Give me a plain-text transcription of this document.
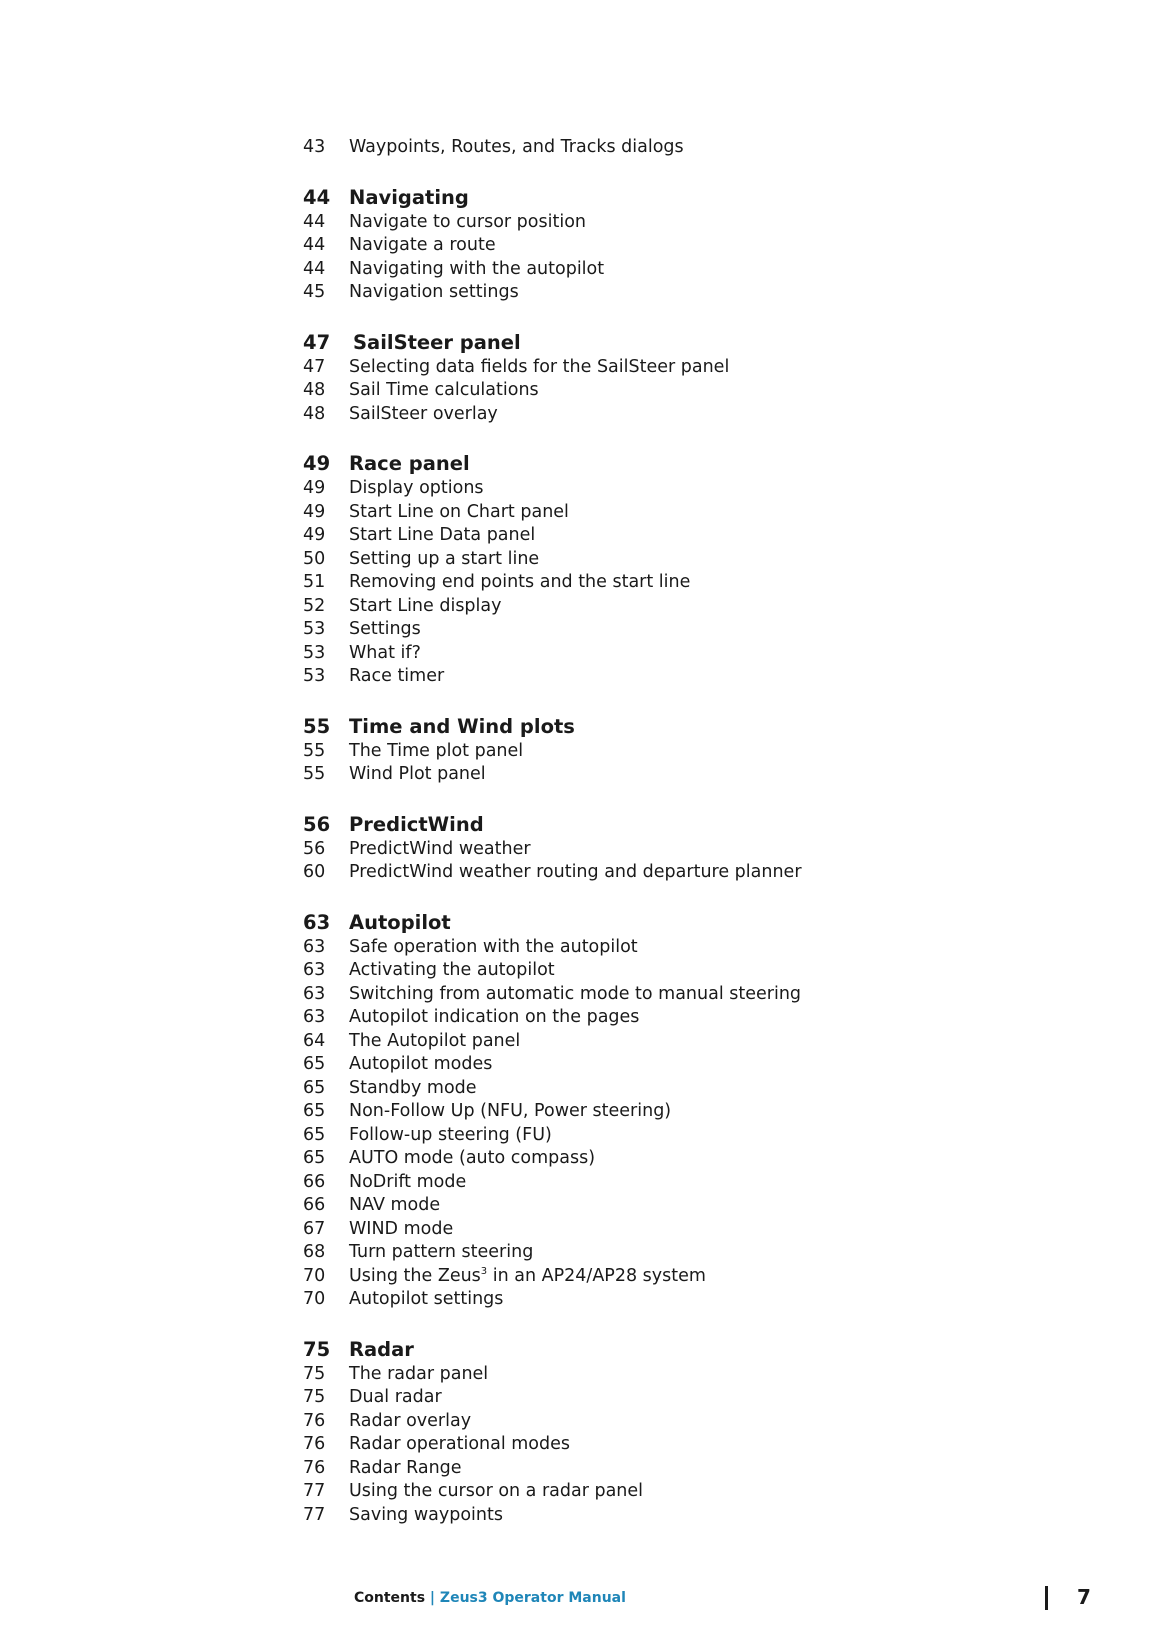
43	Waypoints, Routes, and Tracks dialogs
44 Navigating
44	Navigate to cursor position
44	Navigate a route
44	Navigating with the autopilot
45	Navigation settings
47	SailSteer panel
47	Selecting data fields for the SailSteer panel
48	Sail Time calculations
48	SailSteer overlay
49 Race panel
49	Display options
49	Start Line on Chart panel
49	Start Line Data panel
50	Setting up a start line
51	Removing end points and the start line
52	Start Line display
53	Settings
53	What if?
53	Race timer
55 Time and Wind plots
55	The Time plot panel
55	Wind Plot panel
56 PredictWind
56	PredictWind weather
60	PredictWind weather routing and departure planner
63 Autopilot
63	Safe operation with the autopilot
63	Activating the autopilot
63	Switching from automatic mode to manual steering
63	Autopilot indication on the pages
64	The Autopilot panel
65	Autopilot modes
65	Standby mode
65	Non-Follow Up (NFU, Power steering)
65	Follow-up steering (FU)
65	AUTO mode (auto compass)
66	NoDrift mode
66	NAV mode
67	WIND mode
68	Turn pattern steering
70	Using the Zeus$^3$ in an AP24/AP28 system
70	Autopilot settings
75 Radar
75	The radar panel
75	Dual radar
76	Radar overlay
76	Radar operational modes
76	Radar Range
77	Using the cursor on a radar panel
77	Saving waypoints
Contents | Zeus3 Operator Manual	7
